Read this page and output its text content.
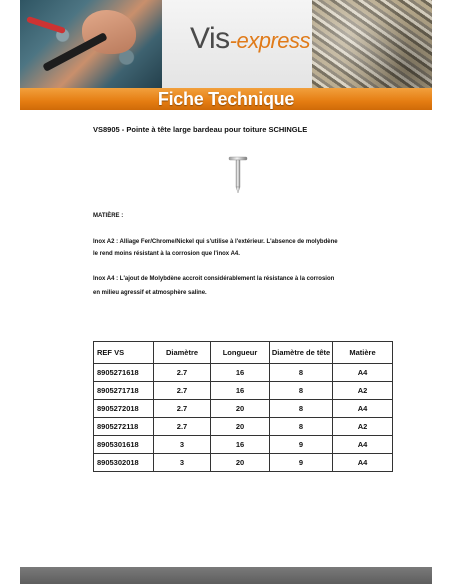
Vis-express
Fiche Technique
VS8905 - Pointe à tête large bardeau pour toiture SCHINGLE
MATIÈRE :
Inox A2 : Alliage Fer/Chrome/Nickel qui s'utilise à l'extérieur. L'absence de molybdène
le rend moins résistant à la corrosion que l'inox A4.
Inox A4 : L'ajout de Molybdène accroit considérablement la résistance à la corrosion
en milieu agressif et atmosphère saline.
REF VS	Diamètre	Longueur	Diamètre de tête	Matière
8905271618	2.7	16	8	A4
8905271718	2.7	16	8	A2
8905272018	2.7	20	8	A4
8905272118	2.7	20	8	A2
8905301618	3	16	9	A4
8905302018	3	20	9	A4
